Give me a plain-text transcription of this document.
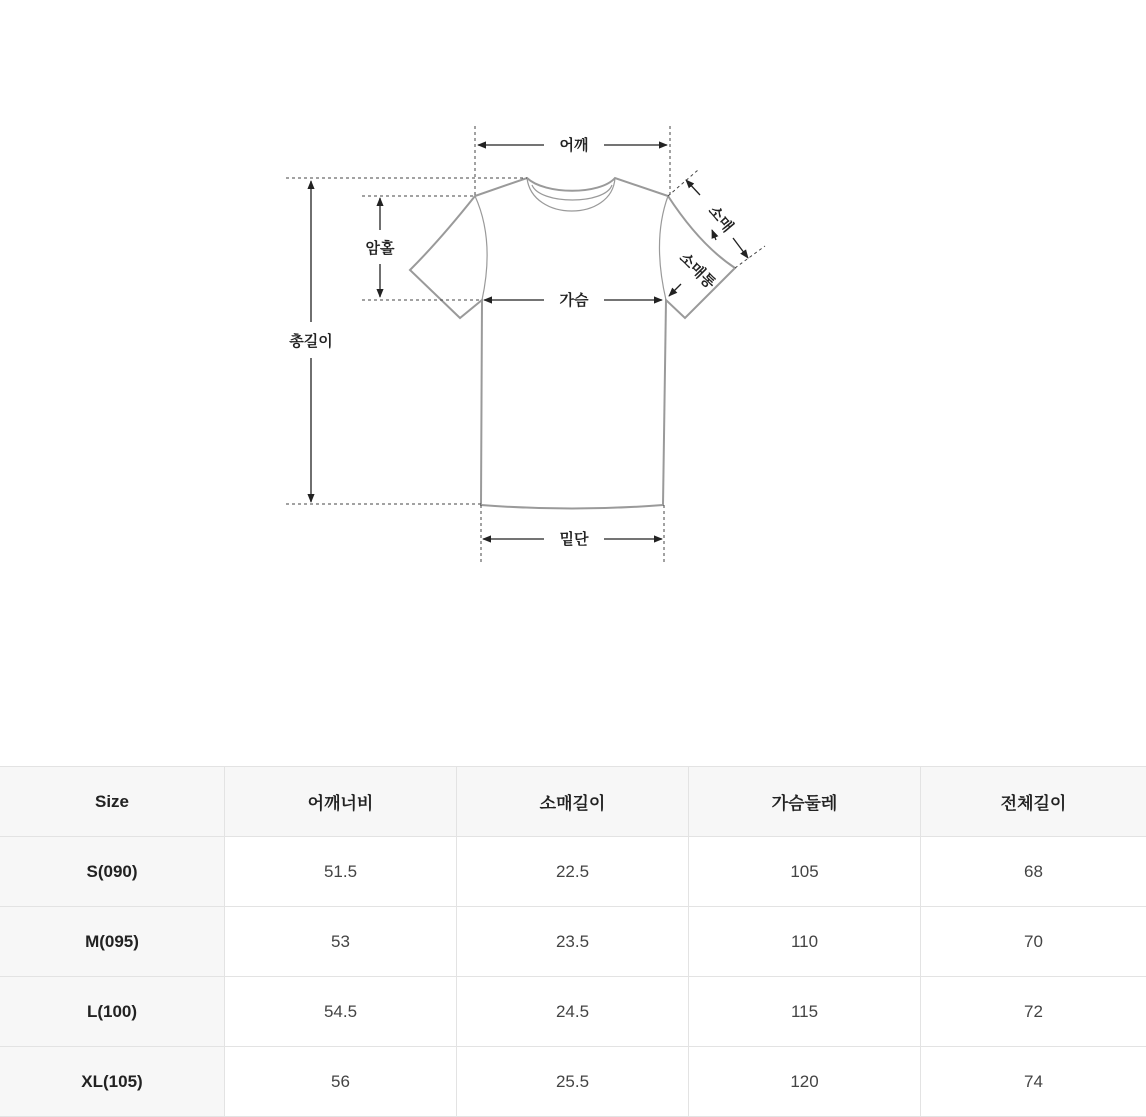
어깨
가슴
밑단
암홀
총길이
소매
소매통
Size	어깨너비	소매길이	가슴둘레	전체길이
S(090)	51.5	22.5	105	68
M(095)	53	23.5	110	70
L(100)	54.5	24.5	115	72
XL(105)	56	25.5	120	74
